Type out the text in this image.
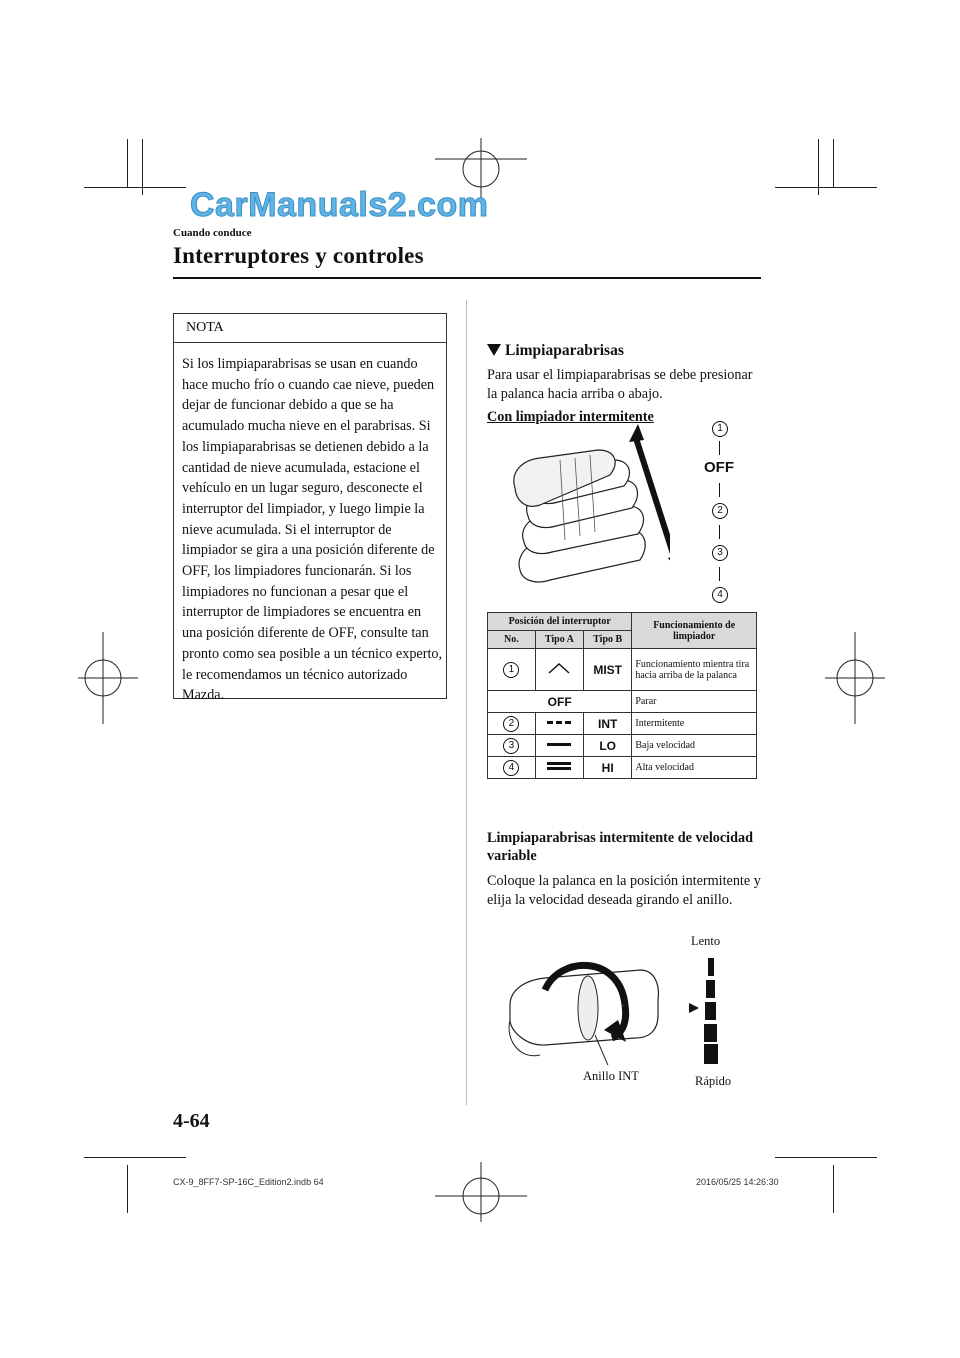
CarManuals2.com
Cuando conduce
Interruptores y controles
NOTA
Si los limpiaparabrisas se usan en cuando hace mucho frío o cuando cae nieve, pueden dejar de funcionar debido a que se ha acumulado mucha nieve en el parabrisas. Si los limpiaparabrisas se detienen debido a la cantidad de nieve acumulada, estacione el vehículo en un lugar seguro, desconecte el interruptor del limpiador, y luego limpie la nieve acumulada. Si el interruptor de limpiador se gira a una posición diferente de OFF, los limpiadores funcionarán. Si los limpiadores no funcionan a pesar que el interruptor de limpiadores se encuentra en una posición diferente de OFF, consulte tan pronto como sea posible a un técnico experto, le recomendamos un técnico autorizado Mazda.
Limpiaparabrisas
Para usar el limpiaparabrisas se debe presionar la palanca hacia arriba o abajo.
Con limpiador intermitente
1
OFF
2
3
4
Posición del interruptor			Funcionamiento de limpiador
No.	Tipo A	Tipo B	
1		MIST	Funcionamiento mientra tira hacia arriba de la palanca
OFF			Parar
2		INT	Intermitente
3		LO	Baja velocidad
4		HI	Alta velocidad
Limpiaparabrisas intermitente de velocidad variable
Coloque la palanca en la posición intermitente y elija la velocidad deseada girando el anillo.
Lento
Anillo INT	Rápido
4-64
CX-9_8FF7-SP-16C_Edition2.indb 64	2016/05/25 14:26:30
